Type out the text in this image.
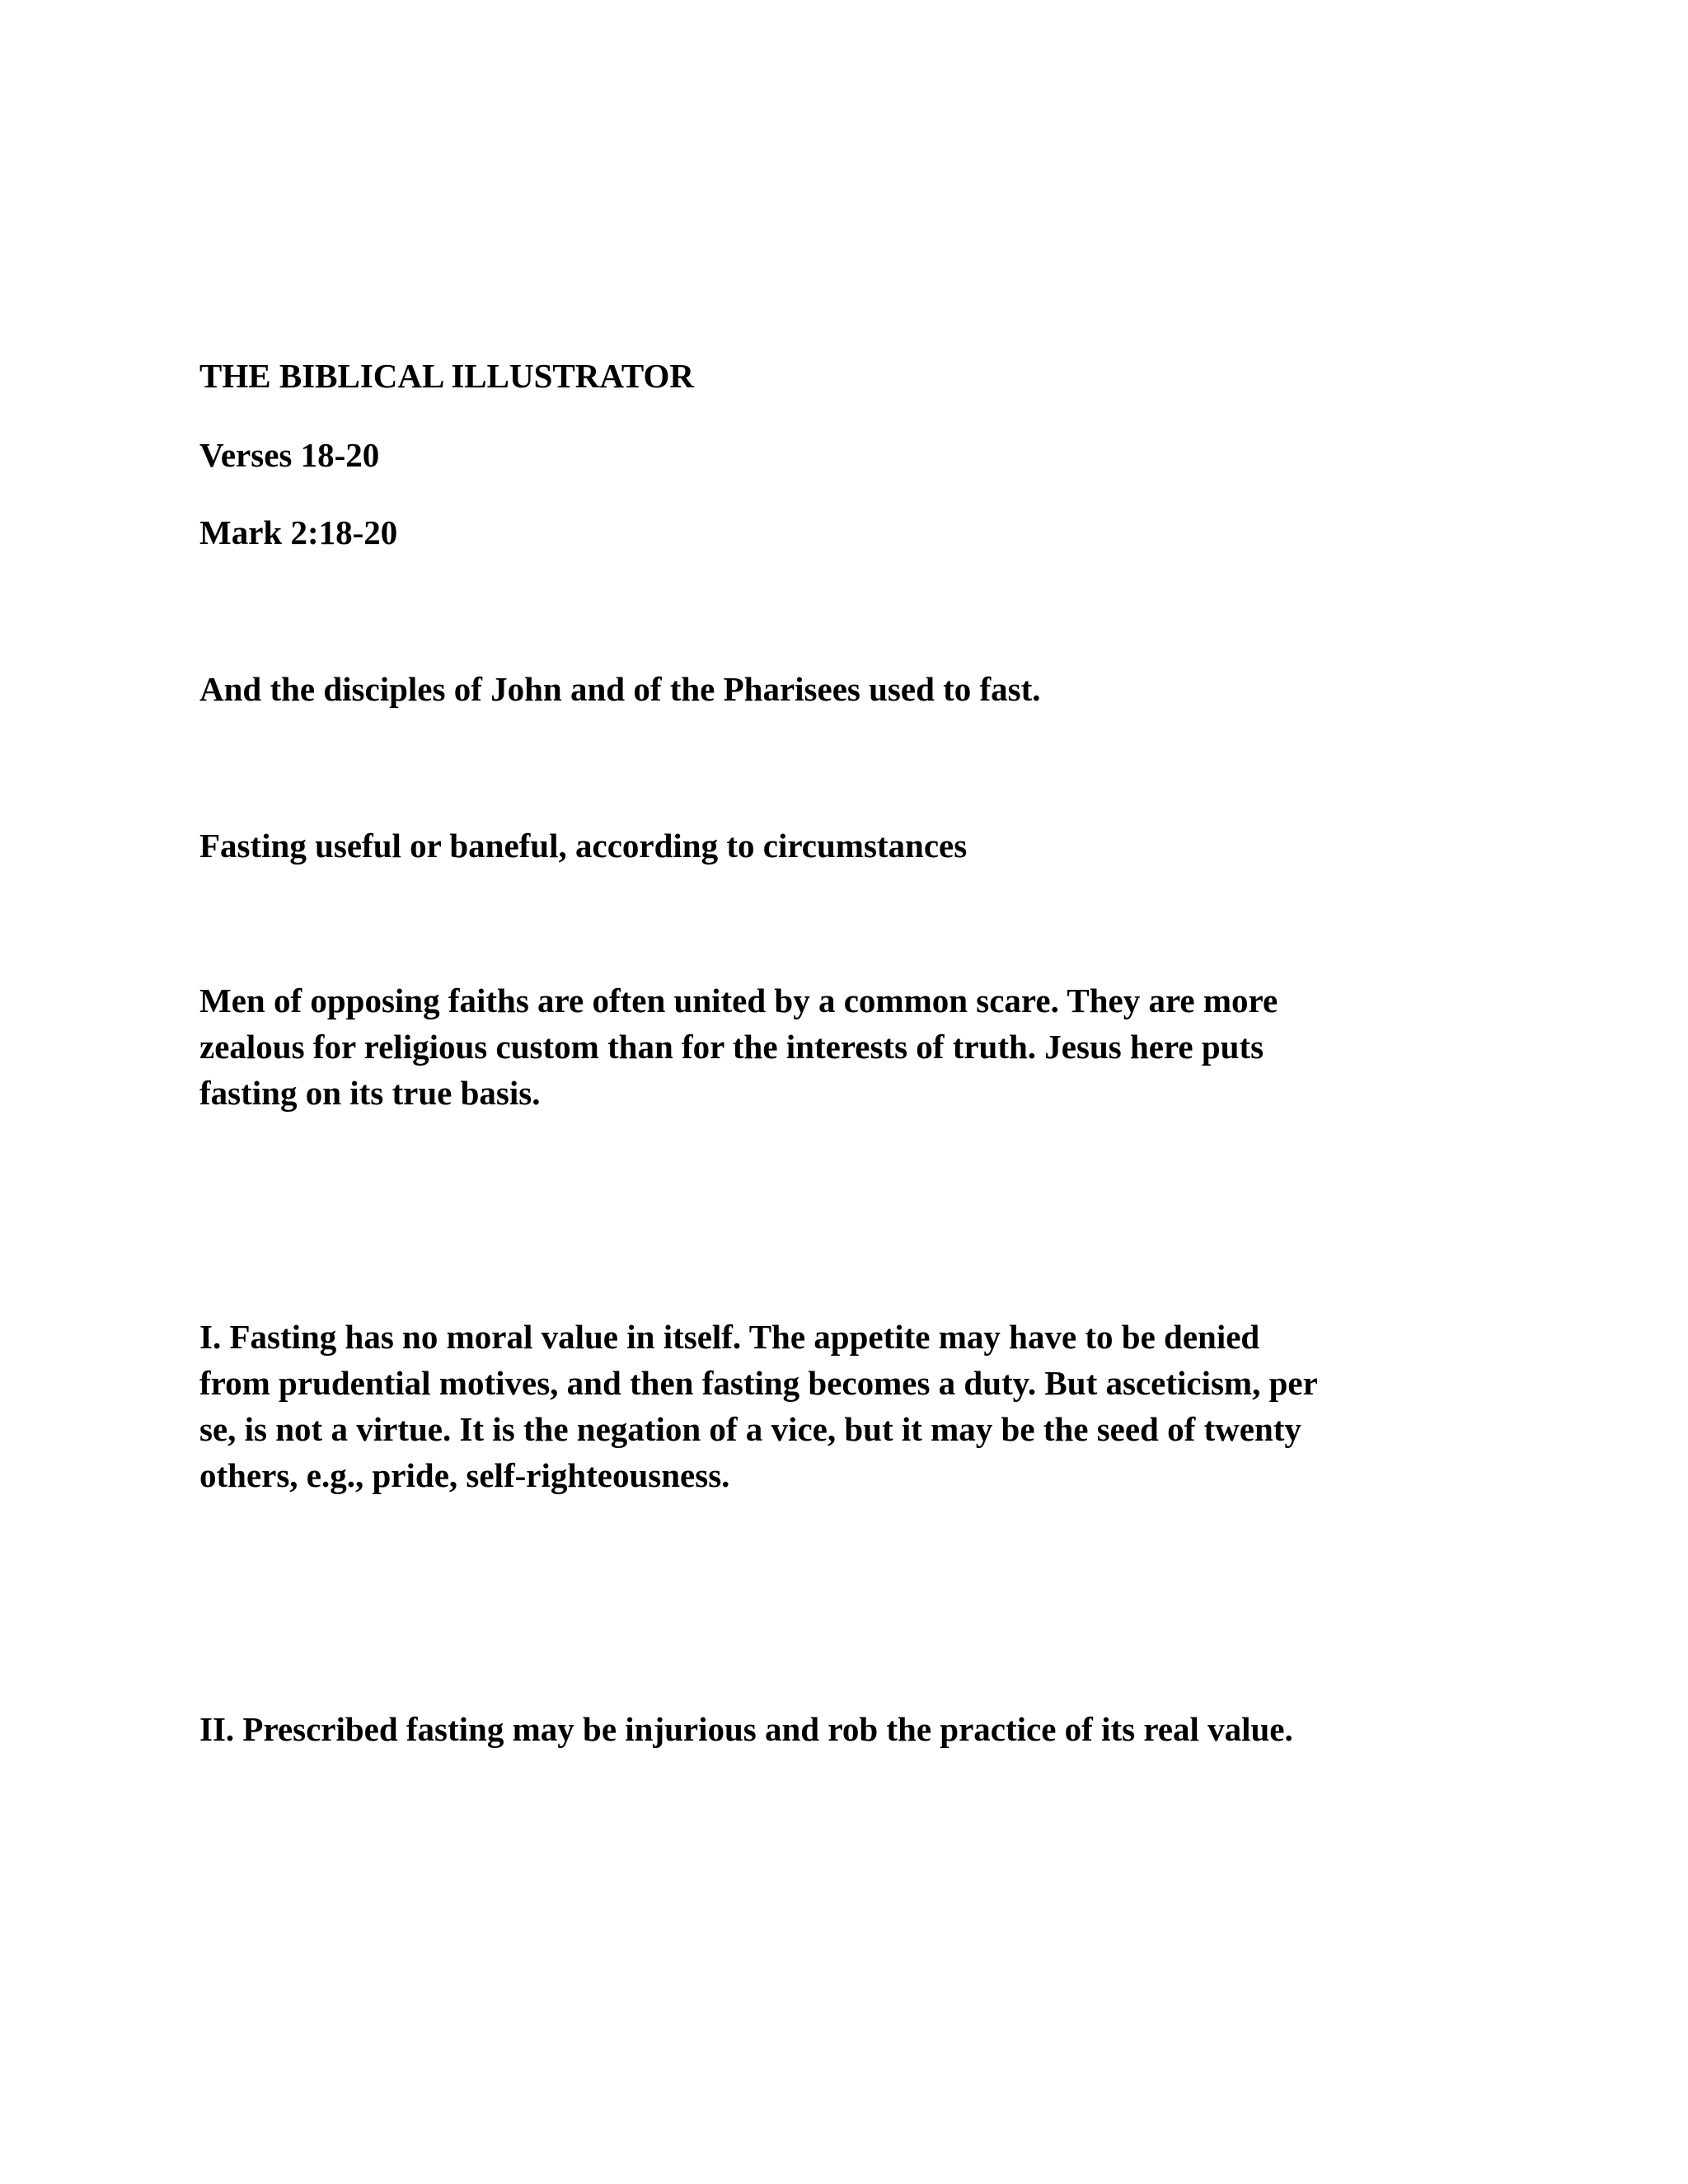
THE BIBLICAL ILLUSTRATOR

Verses 18-20

Mark 2:18-20

And the disciples of John and of the Pharisees used to fast.

Fasting useful or baneful, according to circumstances

Men of opposing faiths are often united by a common scare. They are more
zealous for religious custom than for the interests of truth. Jesus here puts
fasting on its true basis.
I. Fasting has no moral value in itself. The appetite may have to be denied
from prudential motives, and then fasting becomes a duty. But asceticism, per
se, is not a virtue. It is the negation of a vice, but it may be the seed of twenty
others, e.g., pride, self-righteousness.

II. Prescribed fasting may be injurious and rob the practice of its real value.
